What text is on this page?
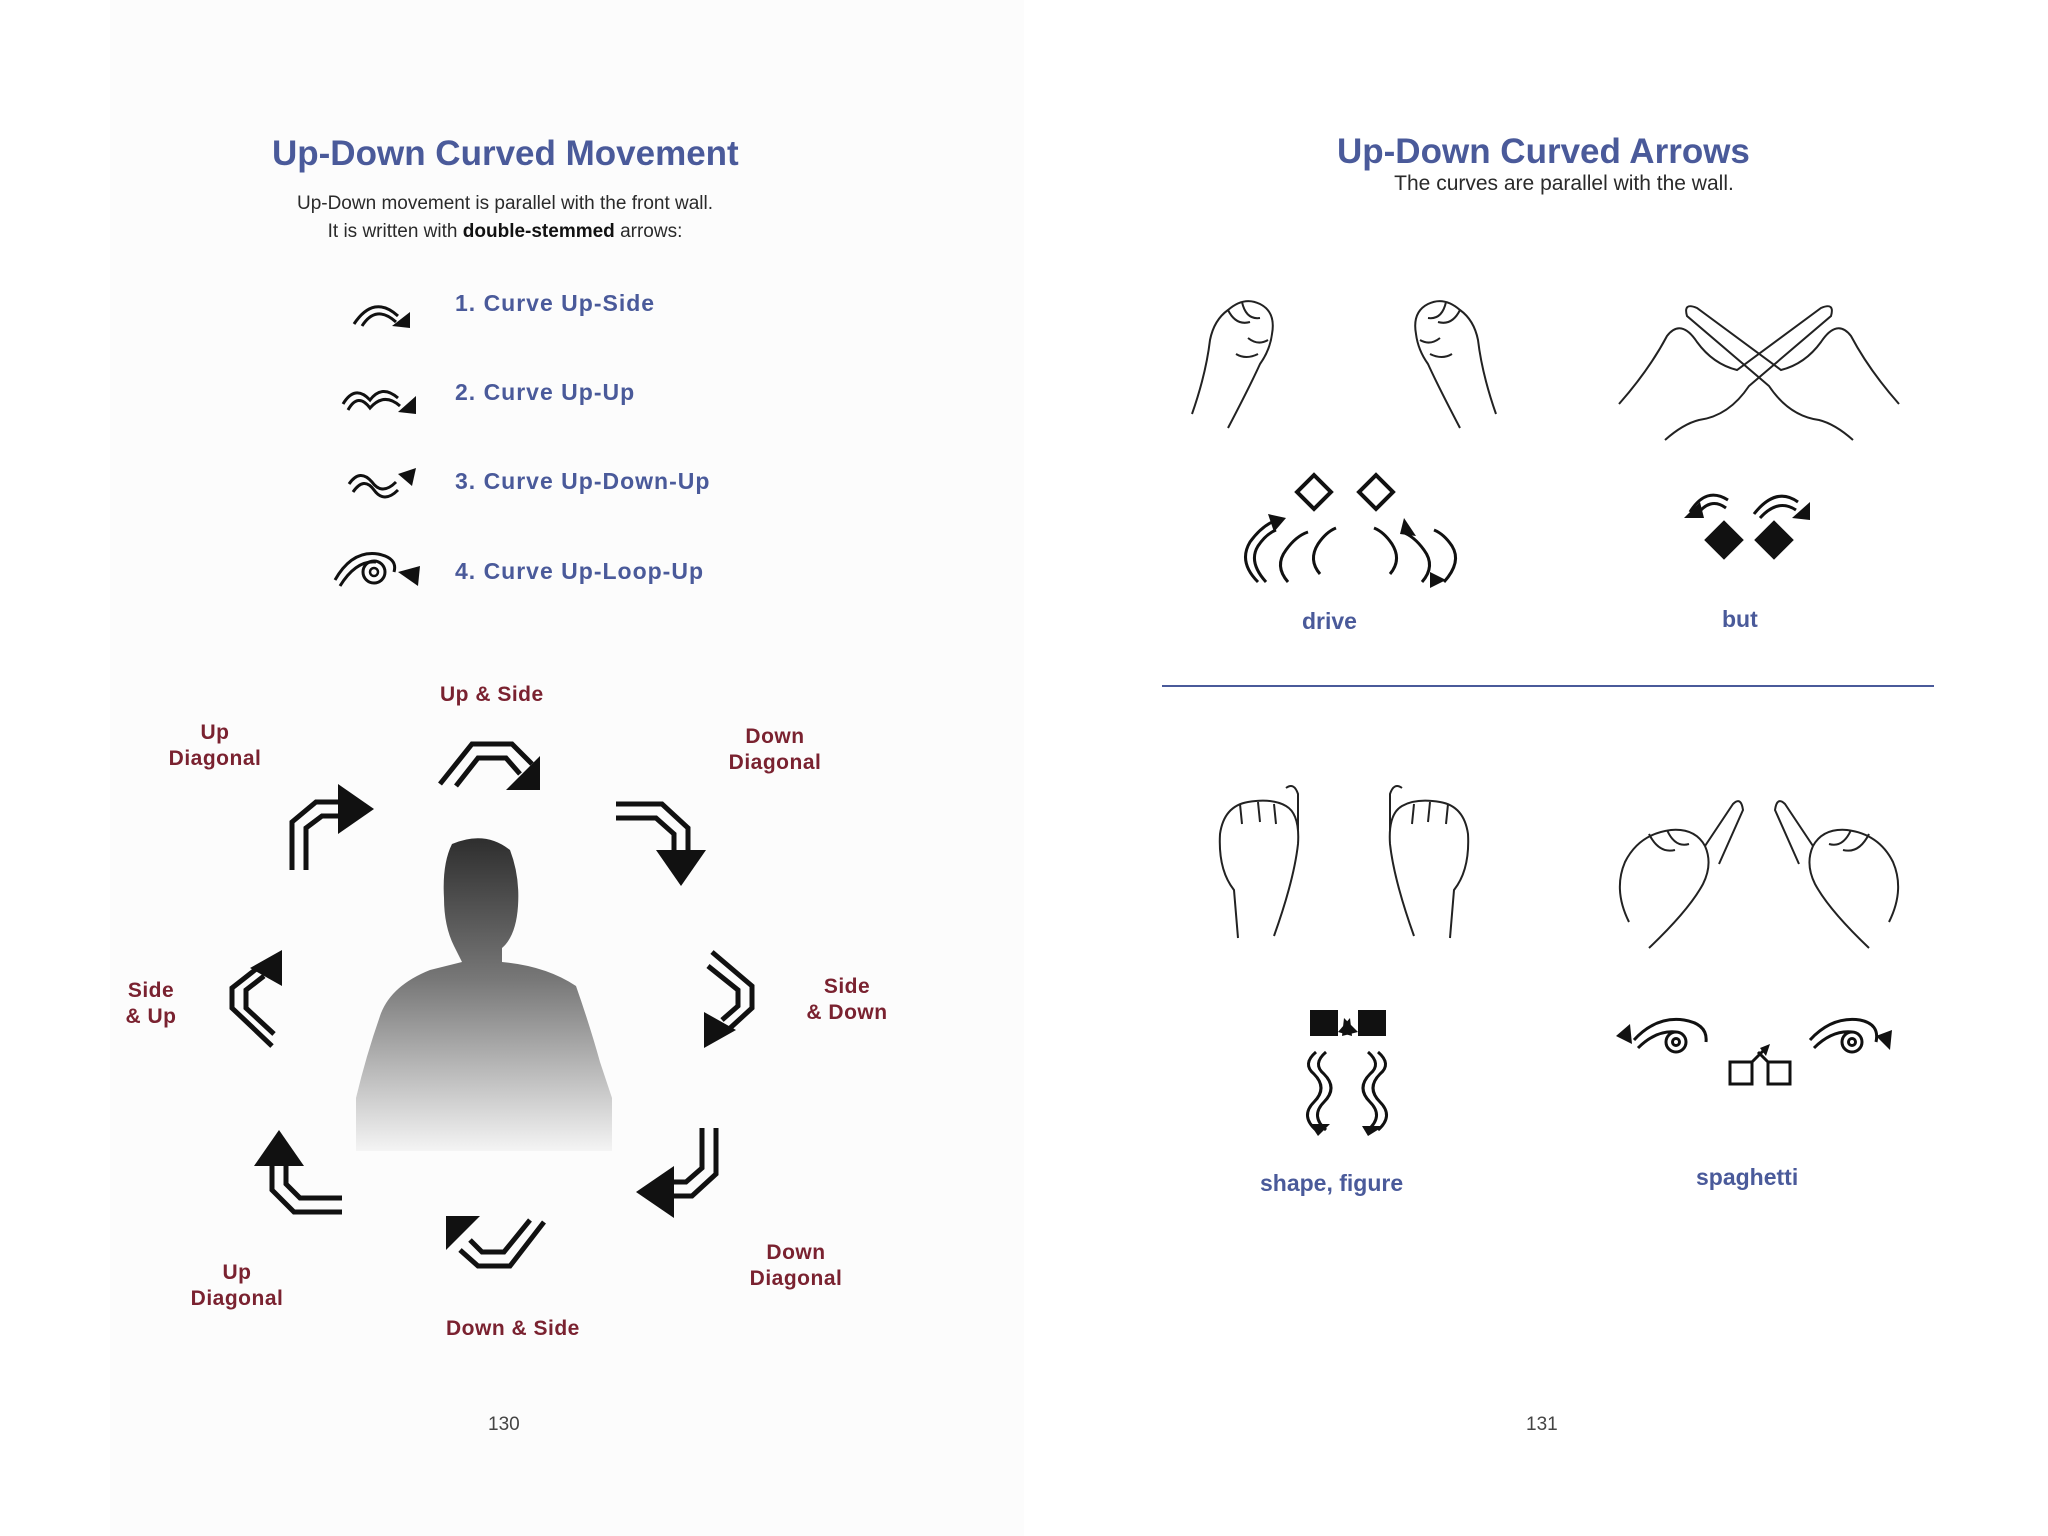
Up-Down Curved Movement
Up-Down movement is parallel with the front wall.
It is written with double-stemmed arrows:
1. Curve Up-Side
2. Curve Up-Up
3. Curve Up-Down-Up
4. Curve Up-Loop-Up
Up & Side
Up
Diagonal
Down
Diagonal
Side
& Up
Side
& Down
Up
Diagonal
Down
Diagonal
Down & Side
130
Up-Down Curved Arrows
The curves are parallel with the wall.
drive	but
shape, figure	spaghetti
131
